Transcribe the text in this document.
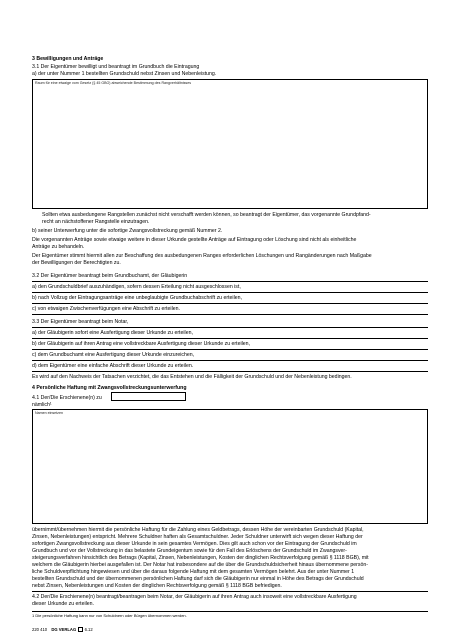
3 Bewilligungen und Anträge
3.1 Der Eigentümer bewilligt und beantragt im Grundbuch die Eintragung
a) der unter Nummer 1 bestellten Grundschuld nebst Zinsen und Nebenleistung.
Raum für eine etwaige vom Gesetz (§ 45 GBO) abweichende Bestimmung des Rangverhältnisses
Sollten etwa ausbedungene Rangstellen zunächst nicht verschafft werden können, so beantragt der Eigentümer, das vorgenannte Grundpfand-
recht an nächstoffener Rangstelle einzutragen.
b) seiner Unterwerfung unter die sofortige Zwangsvollstreckung gemäß Nummer 2.
Die vorgenannten Anträge sowie etwaige weitere in dieser Urkunde gestellte Anträge auf Eintragung oder Löschung sind nicht als einheitliche
Anträge zu behandeln.
Der Eigentümer stimmt hiermit allen zur Beschaffung des ausbedungenen Ranges erforderlichen Löschungen und Rangänderungen nach Maßgabe
der Bewilligungen der Berechtigten zu.
3.2 Der Eigentümer beantragt beim Grundbuchamt, der Gläubigerin
a) den Grundschuldbrief auszuhändigen, sofern dessen Erteilung nicht ausgeschlossen ist,
b) nach Vollzug der Eintragungsanträge eine unbeglaubigte Grundbuchabschrift zu erteilen,
c) von etwaigen Zwischenverfügungen eine Abschrift zu erteilen.
3.3 Der Eigentümer beantragt beim Notar,
a) der Gläubigerin sofort eine Ausfertigung dieser Urkunde zu erteilen,
b) der Gläubigerin auf ihren Antrag eine vollstreckbare Ausfertigung dieser Urkunde zu erteilen,
c) dem Grundbuchamt eine Ausfertigung dieser Urkunde einzureichen,
d) dem Eigentümer eine einfache Abschrift dieser Urkunde zu erteilen.
Es wird auf den Nachweis der Tatsachen verzichtet, die das Entstehen und die Fälligkeit der Grundschuld und der Nebenleistung bedingen.
4 Persönliche Haftung mit Zwangsvollstreckungsunterwerfung
4.1 Der/Die Erschienene(n) zu
nämlich¹
Namen einsetzen
übernimmt/übernehmen hiermit die persönliche Haftung für die Zahlung eines Geldbetrags, dessen Höhe der vereinbarten Grundschuld (Kapital,
Zinsen, Nebenleistungen) entspricht. Mehrere Schuldner haften als Gesamtschuldner. Jeder Schuldner unterwirft sich wegen dieser Haftung der
sofortigen Zwangsvollstreckung aus dieser Urkunde in sein gesamtes Vermögen. Dies gilt auch schon vor der Eintragung der Grundschuld im
Grundbuch und vor der Vollstreckung in das belastete Grundeigentum sowie für den Fall des Erlöschens der Grundschuld im Zwangsver-
steigerungsverfahren hinsichtlich des Betrags (Kapital, Zinsen, Nebenleistungen, Kosten der dinglichen Rechtsverfolgung gemäß § 1118 BGB), mit
welchem die Gläubigerin hierbei ausgefallen ist. Der Notar hat insbesondere auf die über die Grundschuldsicherheit hinaus übernommene persön-
liche Schuldverpflichtung hingewiesen und über die daraus folgende Haftung mit dem gesamten Vermögen belehrt. Aus der unter Nummer 1
bestellten Grundschuld und der übernommenen persönlichen Haftung darf sich die Gläubigerin nur einmal in Höhe des Betrags der Grundschuld
nebst Zinsen, Nebenleistungen und Kosten der dinglichen Rechtsverfolgung gemäß § 1118 BGB befriedigen.
4.2 Der/Die Erschienene(n) beantragt/beantragen beim Notar, der Gläubigerin auf ihren Antrag auch insoweit eine vollstreckbare Ausfertigung
dieser Urkunde zu erteilen.
1 Die persönliche Haftung kann nur von Schuldnern oder Bürgen übernommen werden.
220 410 DG VERLAG 6.12
